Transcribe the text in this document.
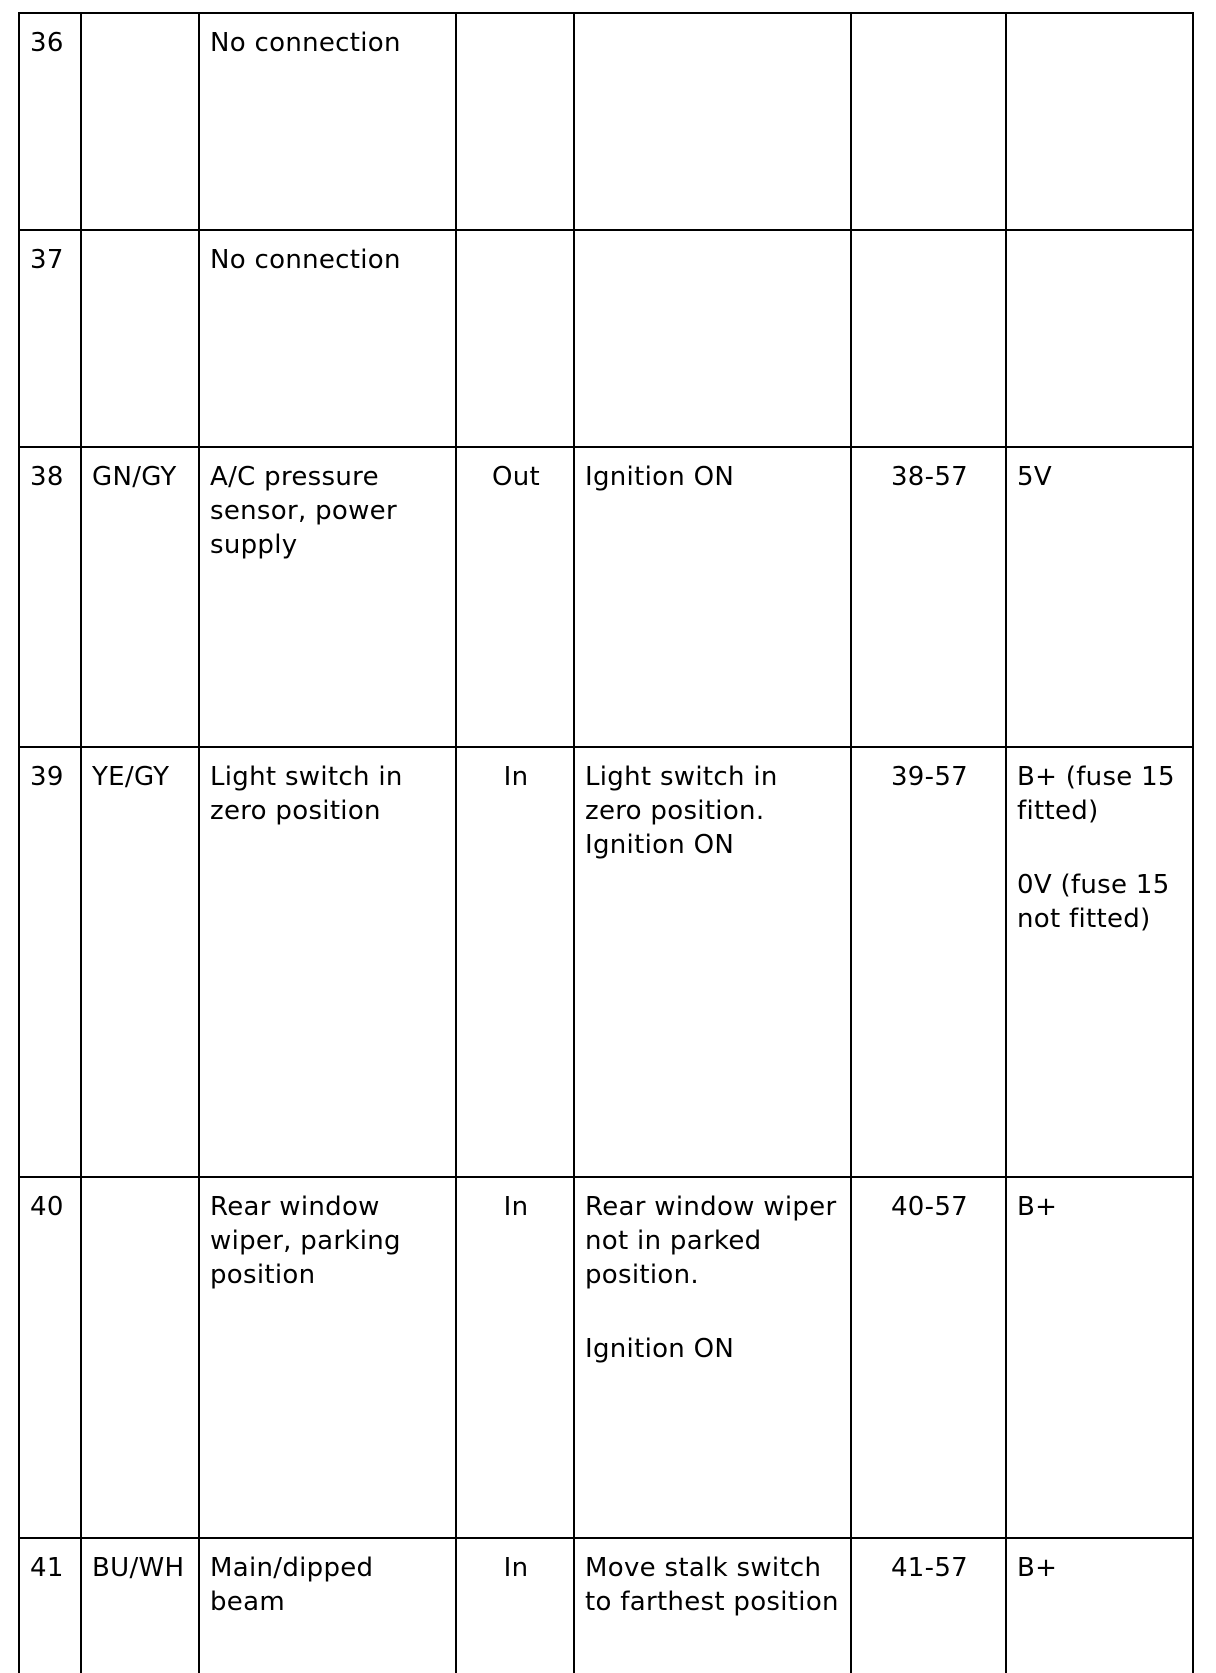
36		No connection		

37		No connection		

38	GN/GY	A/C pressure sensor, power supply	Out	Ignition ON	38-57	5V

39	YE/GY	Light switch in zero position	In	Light switch in zero position. Ignition ON	39-57	B+ (fuse 15 fitted)
0V (fuse 15 not fitted)

40		Rear window wiper, parking position	In	Rear window wiper not in parked position.
Ignition ON	40-57	B+

41	BU/WH	Main/dipped beam	In	Move stalk switch to farthest position	41-57	B+
